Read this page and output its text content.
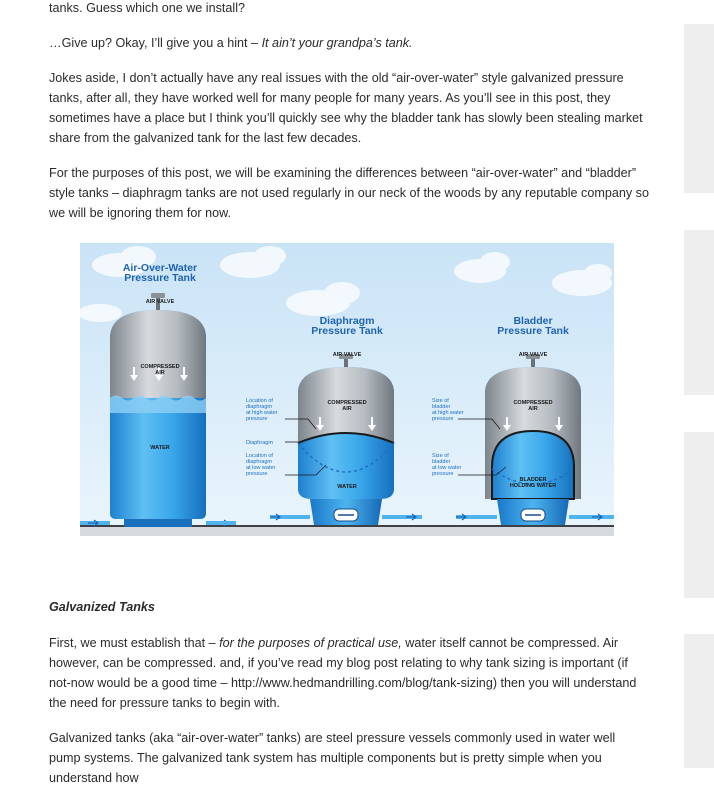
tanks. Guess which one we install?

…Give up? Okay, I’ll give you a hint – It ain’t your grandpa’s tank.

Jokes aside, I don’t actually have any real issues with the old “air-over-water” style galvanized pressure tanks, after all, they have worked well for many people for many years. As you’ll see in this post, they sometimes have a place but I think you’ll quickly see why the bladder tank has slowly been stealing market share from the galvanized tank for the last few decades.

For the purposes of this post, we will be examining the differences between “air-over-water” and “bladder” style tanks – diaphragm tanks are not used regularly in our neck of the woods by any reputable company so we will be ignoring them for now.

Galvanized Tanks

First, we must establish that – for the purposes of practical use, water itself cannot be compressed. Air however, can be compressed. and, if you’ve read my blog post relating to why tank sizing is important (if not-now would be a good time – http://www.hedmandrilling.com/blog/tank-sizing) then you will understand the need for pressure tanks to begin with.

Galvanized tanks (aka “air-over-water” tanks) are steel pressure vessels commonly used in water well pump systems. The galvanized tank system has multiple components but is pretty simple when you understand how

Air-Over-Water
Pressure Tank
AIR VALVE
COMPRESSED
AIR
WATER
Diaphragm
Pressure Tank
AIR VALVE
COMPRESSED
AIR
WATER
Bladder
Pressure Tank
AIR VALVE
COMPRESSED
AIR
BLADDER
HOLDING WATER
Location of
diaphragm
at high water
pressure
Diaphragm
Location of
diaphragm
at low water
pressure
Size of
bladder
at high water
pressure
Size of
bladder
at low water
pressure
